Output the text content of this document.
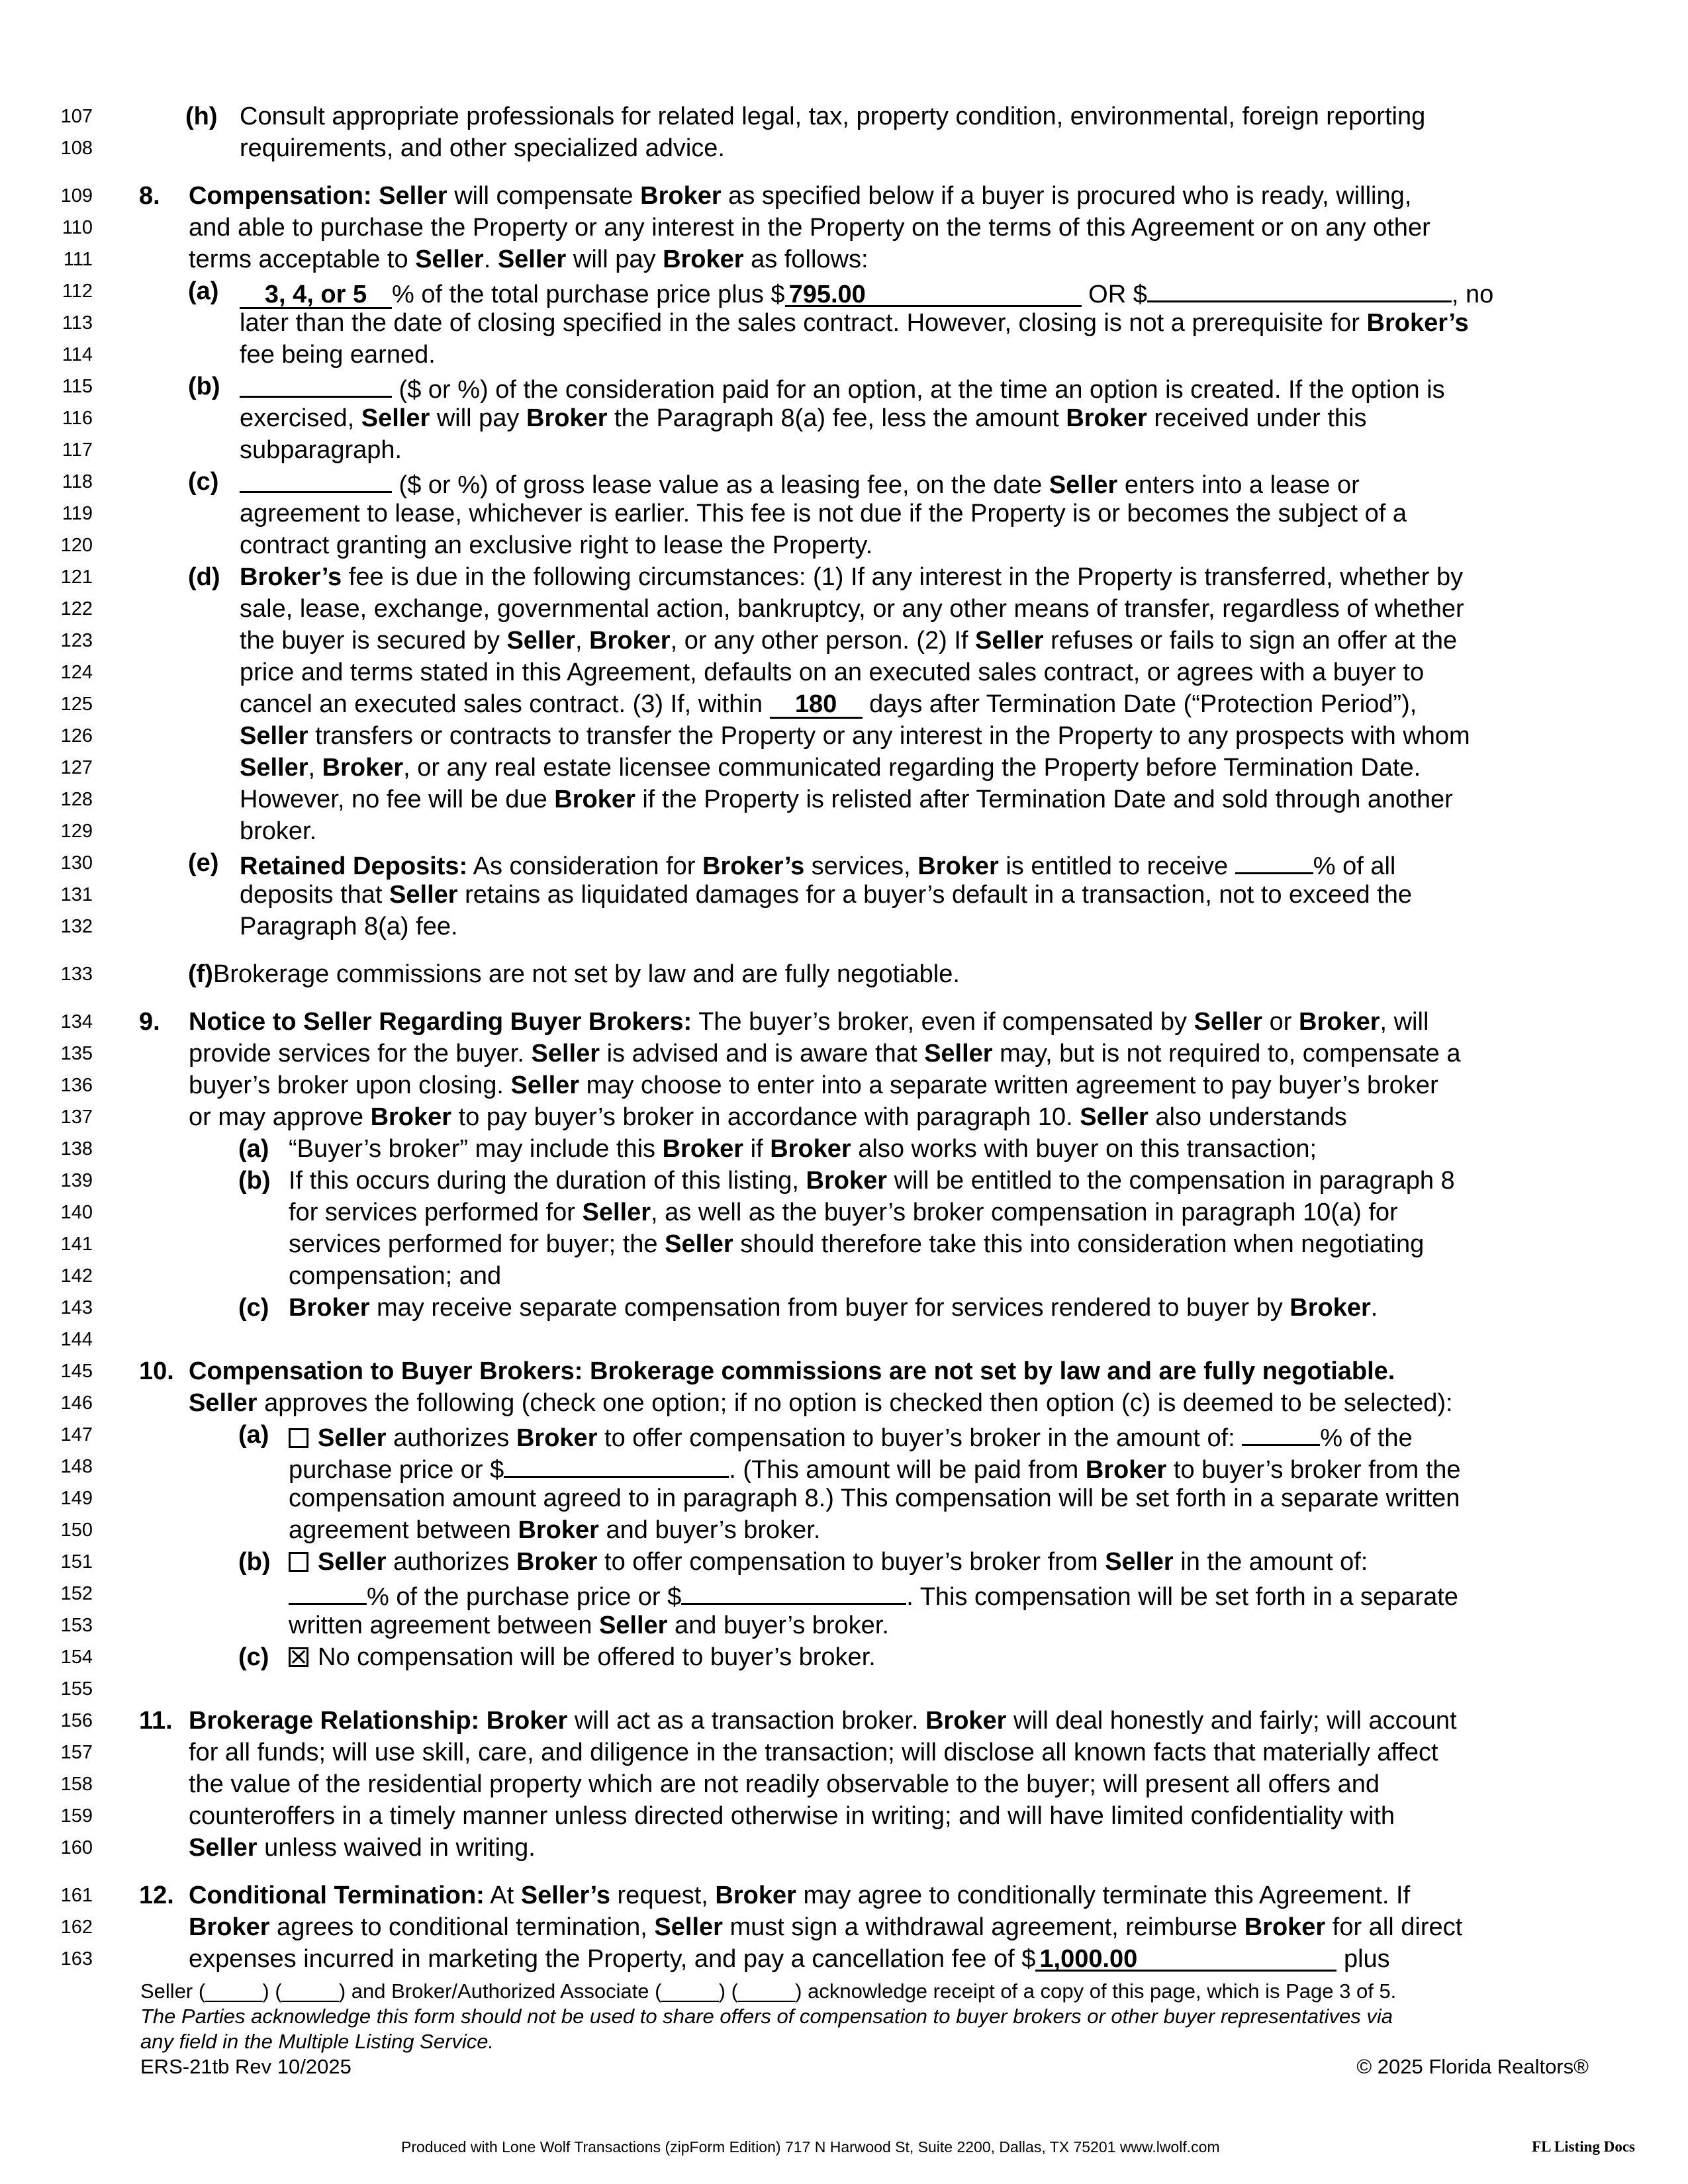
107
108
109
110
111
112
113
114
115
116
117
118
119
120
121
122
123
124
125
126
127
128
129
130
131
132
133
134
135
136
137
138
139
140
141
142
143
144
145
146
147
148
149
150
151
152
153
154
155
156
157
158
159
160
161
162
163
(h) Consult appropriate professionals for related legal, tax, property condition, environmental, foreign reporting
requirements, and other specialized advice.
8. Compensation: Seller will compensate Broker as specified below if a buyer is procured who is ready, willing,
and able to purchase the Property or any interest in the Property on the terms of this Agreement or on any other
terms acceptable to Seller. Seller will pay Broker as follows:
(a)	3, 4, or 5 % of the total purchase price plus $ 795.00	OR $	, no
later than the date of closing specified in the sales contract. However, closing is not a prerequisite for Broker’s
fee being earned.
(b)	($ or %) of the consideration paid for an option, at the time an option is created. If the option is
exercised, Seller will pay Broker the Paragraph 8(a) fee, less the amount Broker received under this
subparagraph.
(c)	($ or %) of gross lease value as a leasing fee, on the date Seller enters into a lease or
agreement to lease, whichever is earlier. This fee is not due if the Property is or becomes the subject of a
contract granting an exclusive right to lease the Property.
(d) Broker’s fee is due in the following circumstances: (1) If any interest in the Property is transferred, whether by
sale, lease, exchange, governmental action, bankruptcy, or any other means of transfer, regardless of whether
the buyer is secured by Seller, Broker, or any other person. (2) If Seller refuses or fails to sign an offer at the
price and terms stated in this Agreement, defaults on an executed sales contract, or agrees with a buyer to
cancel an executed sales contract. (3) If, within 180 days after Termination Date (“Protection Period”),
Seller transfers or contracts to transfer the Property or any interest in the Property to any prospects with whom
Seller, Broker, or any real estate licensee communicated regarding the Property before Termination Date.
However, no fee will be due Broker if the Property is relisted after Termination Date and sold through another
broker.
(e) Retained Deposits: As consideration for Broker’s services, Broker is entitled to receive	% of all
deposits that Seller retains as liquidated damages for a buyer’s default in a transaction, not to exceed the
Paragraph 8(a) fee.
(f)Brokerage commissions are not set by law and are fully negotiable.
9. Notice to Seller Regarding Buyer Brokers: The buyer’s broker, even if compensated by Seller or Broker, will
provide services for the buyer. Seller is advised and is aware that Seller may, but is not required to, compensate a
buyer’s broker upon closing. Seller may choose to enter into a separate written agreement to pay buyer’s broker
or may approve Broker to pay buyer’s broker in accordance with paragraph 10. Seller also understands
(a) “Buyer’s broker” may include this Broker if Broker also works with buyer on this transaction;
(b) If this occurs during the duration of this listing, Broker will be entitled to the compensation in paragraph 8
for services performed for Seller, as well as the buyer’s broker compensation in paragraph 10(a) for
services performed for buyer; the Seller should therefore take this into consideration when negotiating
compensation; and
(c) Broker may receive separate compensation from buyer for services rendered to buyer by Broker.
10. Compensation to Buyer Brokers: Brokerage commissions are not set by law and are fully negotiable.
Seller approves the following (check one option; if no option is checked then option (c) is deemed to be selected):
(a)	Seller authorizes Broker to offer compensation to buyer’s broker in the amount of:	% of the
purchase price or $	. (This amount will be paid from Broker to buyer’s broker from the
compensation amount agreed to in paragraph 8.) This compensation will be set forth in a separate written
agreement between Broker and buyer’s broker.
(b)	Seller authorizes Broker to offer compensation to buyer’s broker from Seller in the amount of:
% of the purchase price or $	. This compensation will be set forth in a separate
written agreement between Seller and buyer’s broker.
(c)	No compensation will be offered to buyer’s broker.
11. Brokerage Relationship: Broker will act as a transaction broker. Broker will deal honestly and fairly; will account
for all funds; will use skill, care, and diligence in the transaction; will disclose all known facts that materially affect
the value of the residential property which are not readily observable to the buyer; will present all offers and
counteroffers in a timely manner unless directed otherwise in writing; and will have limited confidentiality with
Seller unless waived in writing.
12. Conditional Termination: At Seller’s request, Broker may agree to conditionally terminate this Agreement. If
Broker agrees to conditional termination, Seller must sign a withdrawal agreement, reimburse Broker for all direct
expenses incurred in marketing the Property, and pay a cancellation fee of $ 1,000.00	plus
Seller (_____) (_____) and Broker/Authorized Associate (_____) (_____) acknowledge receipt of a copy of this page, which is Page 3 of 5.
The Parties acknowledge this form should not be used to share offers of compensation to buyer brokers or other buyer representatives via
any field in the Multiple Listing Service.
ERS-21tb Rev 10/2025	© 2025 Florida Realtors®
Produced with Lone Wolf Transactions (zipForm Edition) 717 N Harwood St, Suite 2200, Dallas, TX 75201 www.lwolf.com	FL Listing Docs
